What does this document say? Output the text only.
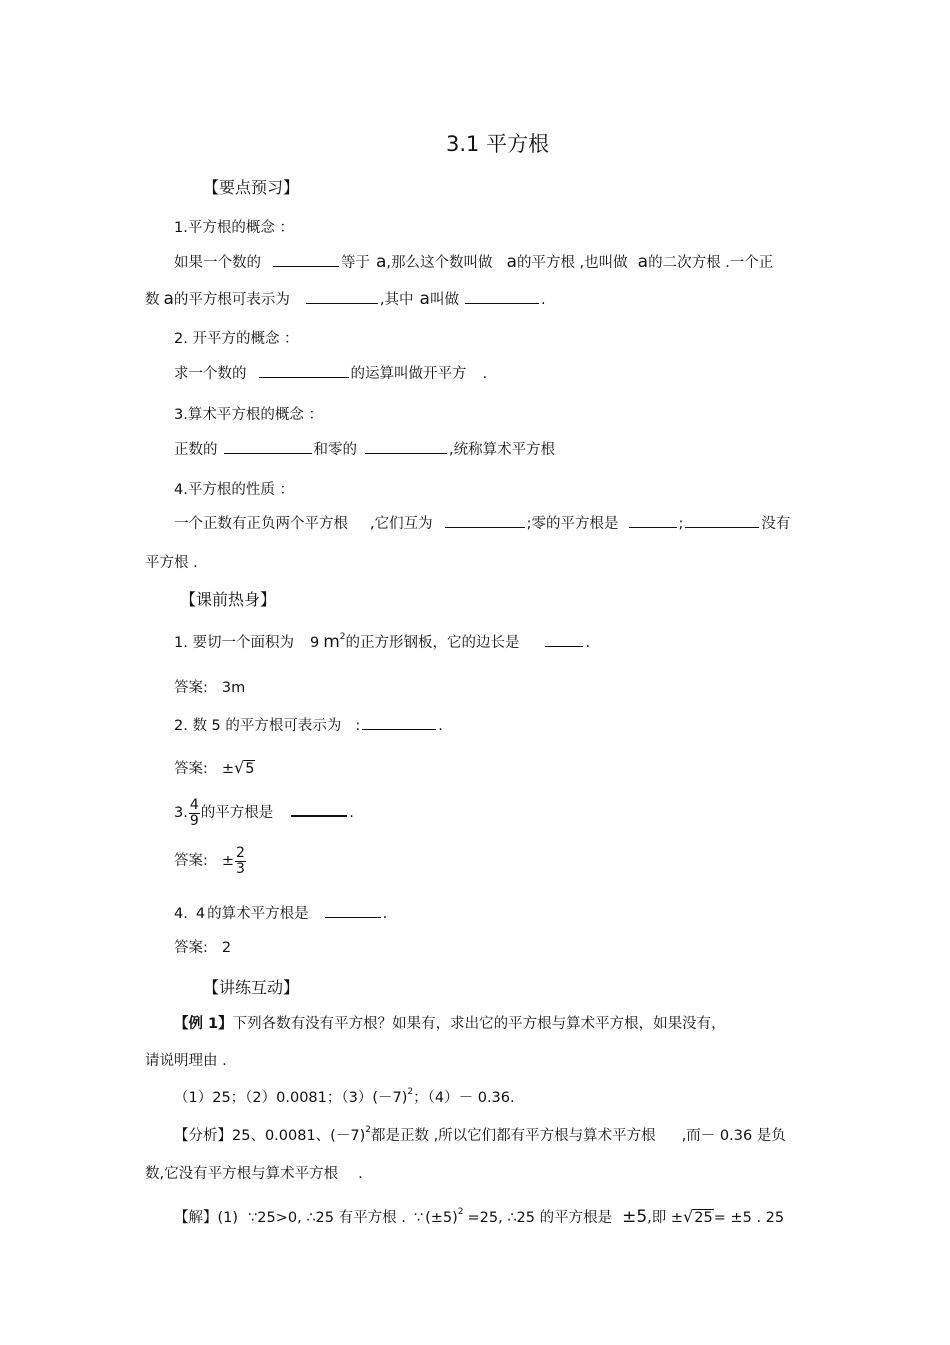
3.1 平方根
【要点预习】
1.平方根的概念 ：
如果一个数的	等于 a,那么这个数叫做 a的平方根 ,也叫做 a的二次方根 .一个正
数 a的平方根可表示为	,其中 a叫做	.
2. 开平方的概念 ：
求一个数的	的运算叫做开平方 .
3.算术平方根的概念 ：
正数的	和零的	,统称算术平方根
4.平方根的性质 ：
一个正数有正负两个平方根 ,它们互为	;零的平方根是	;	没有
平方根 .
【课前热身】
1. 要切一个面积为 9 $m^2$的正方形钢板，它的边长是	.
答案: 3m
2. 数 5 的平方根可表示为 :	.
答案: ±√5
3. $\frac{4}{9}$ 的平方根是	.
答案: ± $\frac{2}{3}$
4. 4 的算术平方根是	.
答案: 2
【讲练互动】
【例 1】下列各数有没有平方根？如果有，求出它的平方根与算术平方根，如果没有，
请说明理由 .
（1）25；（2）0.0081；$(3)(-7)^2$；（4）－ 0.36.
【分析】25、0.0081、$(-7)^2$都是正数 ,所以它们都有平方根与算术平方根 ,而－ 0.36 是负
数,它没有平方根与算术平方根 .
【解】(1) ∵25>0, ∴25 有平方根 . ∵ $(\pm 5)^2 =25$, ∴25 的平方根是 ±5,即 ±√25= ±5 . 25
